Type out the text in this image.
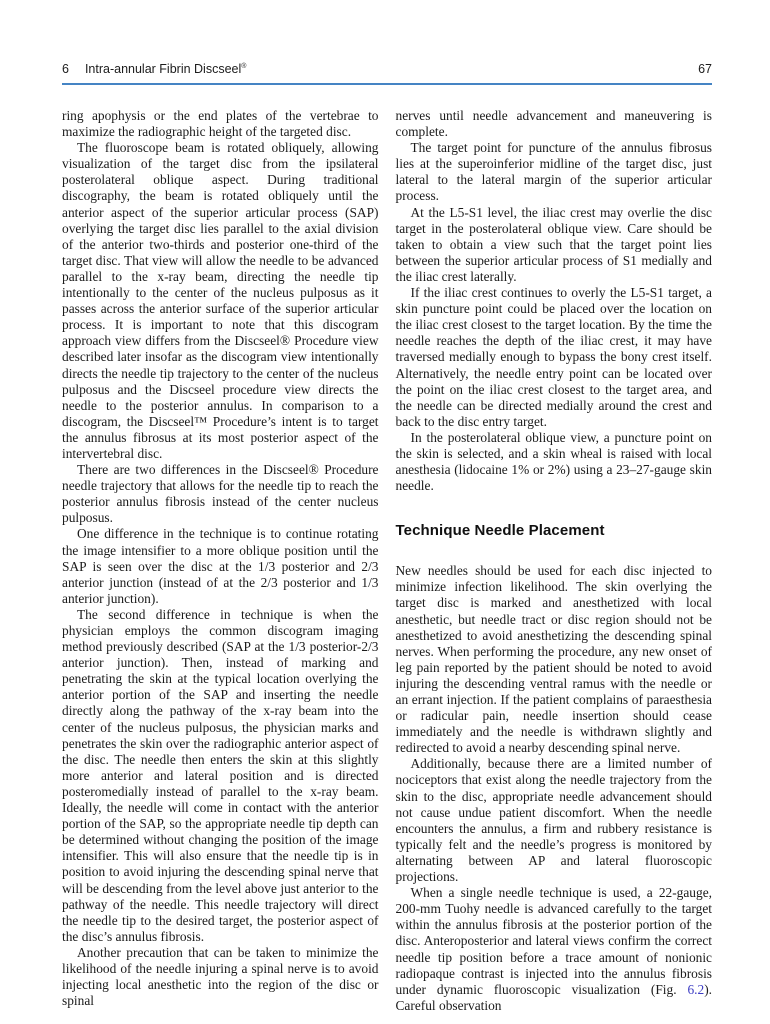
6 Intra-annular Fibrin Discseel®	67

ring apophysis or the end plates of the vertebrae to maximize the radiographic height of the targeted disc.

The fluoroscope beam is rotated obliquely, allowing visualization of the target disc from the ipsilateral posterolateral oblique aspect. During traditional discography, the beam is rotated obliquely until the anterior aspect of the superior articular process (SAP) overlying the target disc lies parallel to the axial division of the anterior two-thirds and posterior one-third of the target disc. That view will allow the needle to be advanced parallel to the x-ray beam, directing the needle tip intentionally to the center of the nucleus pulposus as it passes across the anterior surface of the superior articular process. It is important to note that this discogram approach view differs from the Discseel® Procedure view described later insofar as the discogram view intentionally directs the needle tip trajectory to the center of the nucleus pulposus and the Discseel procedure view directs the needle to the posterior annulus. In comparison to a discogram, the Discseel™ Procedure’s intent is to target the annulus fibrosus at its most posterior aspect of the intervertebral disc.

There are two differences in the Discseel® Procedure needle trajectory that allows for the needle tip to reach the posterior annulus fibrosis instead of the center nucleus pulposus.

One difference in the technique is to continue rotating the image intensifier to a more oblique position until the SAP is seen over the disc at the 1/3 posterior and 2/3 anterior junction (instead of at the 2/3 posterior and 1/3 anterior junction).

The second difference in technique is when the physician employs the common discogram imaging method previously described (SAP at the 1/3 posterior-2/3 anterior junction). Then, instead of marking and penetrating the skin at the typical location overlying the anterior portion of the SAP and inserting the needle directly along the pathway of the x-ray beam into the center of the nucleus pulposus, the physician marks and penetrates the skin over the radiographic anterior aspect of the disc. The needle then enters the skin at this slightly more anterior and lateral position and is directed posteromedially instead of parallel to the x-ray beam. Ideally, the needle will come in contact with the anterior portion of the SAP, so the appropriate needle tip depth can be determined without changing the position of the image intensifier. This will also ensure that the needle tip is in position to avoid injuring the descending spinal nerve that will be descending from the level above just anterior to the pathway of the needle. This needle trajectory will direct the needle tip to the desired target, the posterior aspect of the disc’s annulus fibrosis.

Another precaution that can be taken to minimize the likelihood of the needle injuring a spinal nerve is to avoid injecting local anesthetic into the region of the disc or spinal

nerves until needle advancement and maneuvering is complete.

The target point for puncture of the annulus fibrosus lies at the superoinferior midline of the target disc, just lateral to the lateral margin of the superior articular process.

At the L5-S1 level, the iliac crest may overlie the disc target in the posterolateral oblique view. Care should be taken to obtain a view such that the target point lies between the superior articular process of S1 medially and the iliac crest laterally.

If the iliac crest continues to overly the L5-S1 target, a skin puncture point could be placed over the location on the iliac crest closest to the target location. By the time the needle reaches the depth of the iliac crest, it may have traversed medially enough to bypass the bony crest itself. Alternatively, the needle entry point can be located over the point on the iliac crest closest to the target area, and the needle can be directed medially around the crest and back to the disc entry target.

In the posterolateral oblique view, a puncture point on the skin is selected, and a skin wheal is raised with local anesthesia (lidocaine 1% or 2%) using a 23–27-gauge skin needle.

Technique Needle Placement

New needles should be used for each disc injected to minimize infection likelihood. The skin overlying the target disc is marked and anesthetized with local anesthetic, but needle tract or disc region should not be anesthetized to avoid anesthetizing the descending spinal nerves. When performing the procedure, any new onset of leg pain reported by the patient should be noted to avoid injuring the descending ventral ramus with the needle or an errant injection. If the patient complains of paraesthesia or radicular pain, needle insertion should cease immediately and the needle is withdrawn slightly and redirected to avoid a nearby descending spinal nerve.

Additionally, because there are a limited number of nociceptors that exist along the needle trajectory from the skin to the disc, appropriate needle advancement should not cause undue patient discomfort. When the needle encounters the annulus, a firm and rubbery resistance is typically felt and the needle’s progress is monitored by alternating between AP and lateral fluoroscopic projections.

When a single needle technique is used, a 22-gauge, 200-mm Tuohy needle is advanced carefully to the target within the annulus fibrosis at the posterior portion of the disc. Anteroposterior and lateral views confirm the correct needle tip position before a trace amount of nonionic radiopaque contrast is injected into the annulus fibrosis under dynamic fluoroscopic visualization (Fig. 6.2). Careful observation
